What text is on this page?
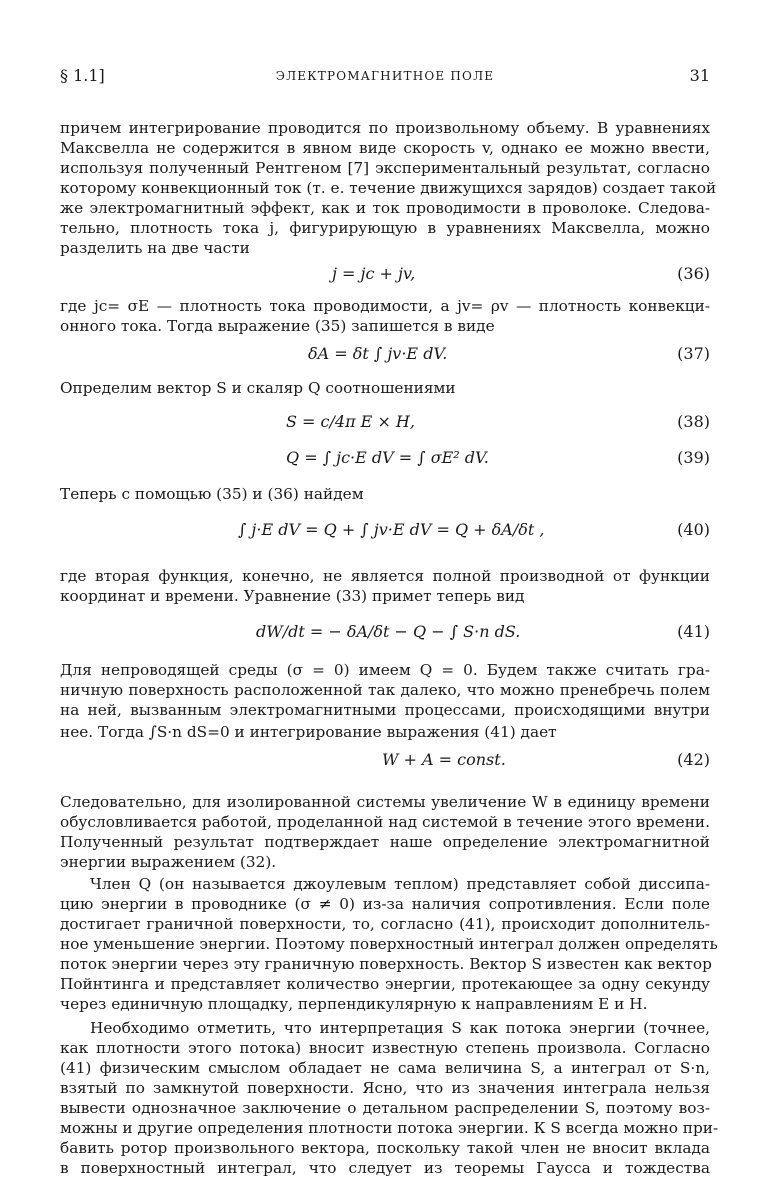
§ 1.1]	ЭЛЕКТРОМАГНИТНОЕ ПОЛЕ	31
причем интегрирование проводится по произвольному объему. В уравнениях
Максвелла не содержится в явном виде скорость v, однако ее можно ввести,
используя полученный Рентгеном [7] экспериментальный результат, согласно
которому конвекционный ток (т. е. течение движущихся зарядов) создает такой
же электромагнитный эффект, как и ток проводимости в проволоке. Следова-
тельно, плотность тока j, фигурирующую в уравнениях Максвелла, можно
разделить на две части
j = jc + jv,	(36)
где jc= σE — плотность тока проводимости, а jv= ρv — плотность конвекци-
онного тока. Тогда выражение (35) запишется в виде
δA = δt ∫ jv·E dV.	(37)
Определим вектор S и скаляр Q соотношениями
S = c/4π E × H,	(38)
Q = ∫ jc·E dV = ∫ σE² dV.	(39)
Теперь с помощью (35) и (36) найдем
∫ j·E dV = Q + ∫ jv·E dV = Q + δA/δt ,	(40)
где вторая функция, конечно, не является полной производной от функции
координат и времени. Уравнение (33) примет теперь вид
dW/dt = − δA/δt − Q − ∫ S·n dS.	(41)
Для непроводящей среды (σ = 0) имеем Q = 0. Будем также считать гра-
ничную поверхность расположенной так далеко, что можно пренебречь полем
на ней, вызванным электромагнитными процессами, происходящими внутри
нее. Тогда ∫S·n dS=0 и интегрирование выражения (41) дает
W + A = const.	(42)
Следовательно, для изолированной системы увеличение W в единицу времени
обусловливается работой, проделанной над системой в течение этого времени.
Полученный результат подтверждает наше определение электромагнитной
энергии выражением (32).
Член Q (он называется джоулевым теплом) представляет собой диссипа-
цию энергии в проводнике (σ ≠ 0) из-за наличия сопротивления. Если поле
достигает граничной поверхности, то, согласно (41), происходит дополнитель-
ное уменьшение энергии. Поэтому поверхностный интеграл должен определять
поток энергии через эту граничную поверхность. Вектор S известен как вектор
Пойнтинга и представляет количество энергии, протекающее за одну секунду
через единичную площадку, перпендикулярную к направлениям E и H.
Необходимо отметить, что интерпретация S как потока энергии (точнее,
как плотности этого потока) вносит известную степень произвола. Согласно
(41) физическим смыслом обладает не сама величина S, а интеграл от S·n,
взятый по замкнутой поверхности. Ясно, что из значения интеграла нельзя
вывести однозначное заключение о детальном распределении S, поэтому воз-
можны и другие определения плотности потока энергии. К S всегда можно при-
бавить ротор произвольного вектора, поскольку такой член не вносит вклада
в поверхностный интеграл, что следует из теоремы Гаусса и тождества
